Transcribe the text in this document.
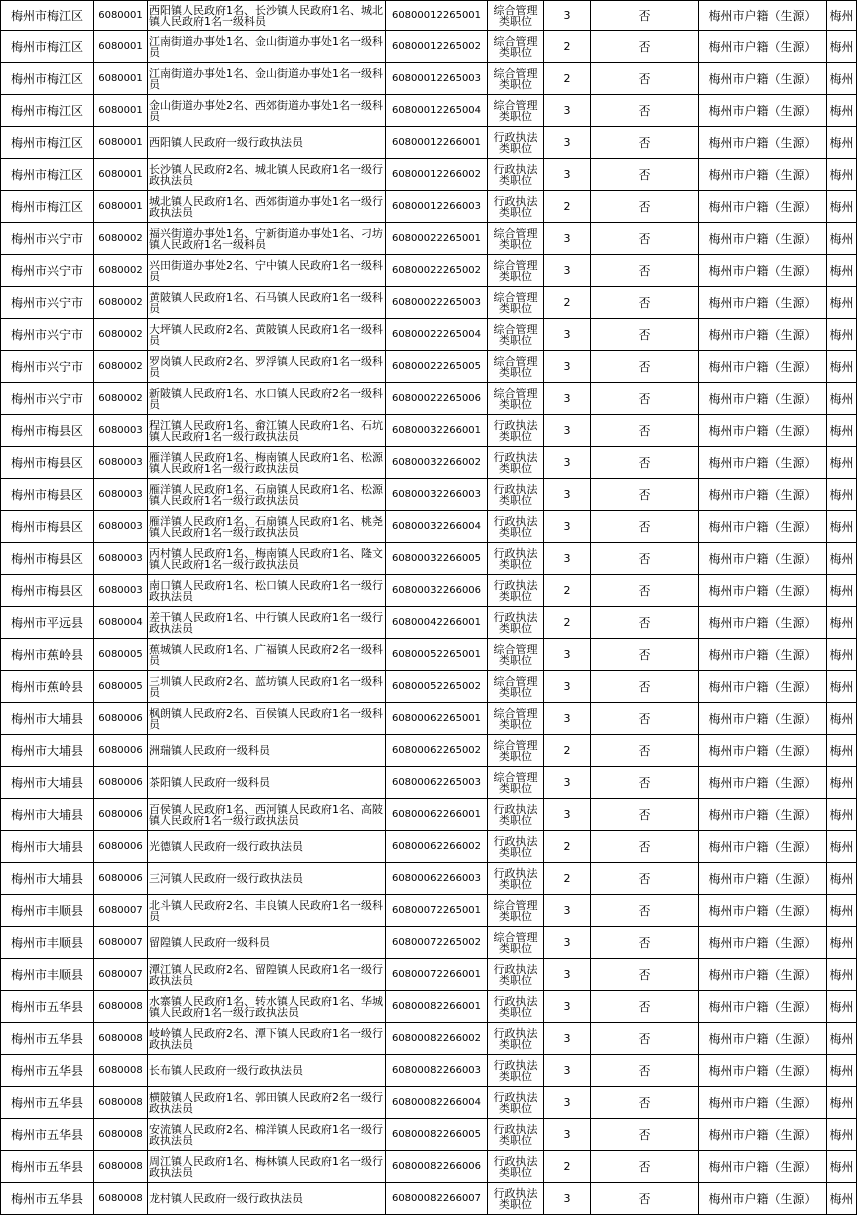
梅州市梅江区	6080001	西阳镇人民政府1名、长沙镇人民政府1名、城北镇人民政府1名一级科员	60800012265001	综合管理类职位	3	否	梅州市户籍（生源）	梅州
梅州市梅江区	6080001	江南街道办事处1名、金山街道办事处1名一级科员	60800012265002	综合管理类职位	2	否	梅州市户籍（生源）	梅州
梅州市梅江区	6080001	江南街道办事处1名、金山街道办事处1名一级科员	60800012265003	综合管理类职位	2	否	梅州市户籍（生源）	梅州
梅州市梅江区	6080001	金山街道办事处2名、西郊街道办事处1名一级科员	60800012265004	综合管理类职位	3	否	梅州市户籍（生源）	梅州
梅州市梅江区	6080001	西阳镇人民政府一级行政执法员	60800012266001	行政执法类职位	3	否	梅州市户籍（生源）	梅州
梅州市梅江区	6080001	长沙镇人民政府2名、城北镇人民政府1名一级行政执法员	60800012266002	行政执法类职位	3	否	梅州市户籍（生源）	梅州
梅州市梅江区	6080001	城北镇人民政府1名、西郊街道办事处1名一级行政执法员	60800012266003	行政执法类职位	2	否	梅州市户籍（生源）	梅州
梅州市兴宁市	6080002	福兴街道办事处1名、宁新街道办事处1名、刁坊镇人民政府1名一级科员	60800022265001	综合管理类职位	3	否	梅州市户籍（生源）	梅州
梅州市兴宁市	6080002	兴田街道办事处2名、宁中镇人民政府1名一级科员	60800022265002	综合管理类职位	3	否	梅州市户籍（生源）	梅州
梅州市兴宁市	6080002	黄陂镇人民政府1名、石马镇人民政府1名一级科员	60800022265003	综合管理类职位	2	否	梅州市户籍（生源）	梅州
梅州市兴宁市	6080002	大坪镇人民政府2名、黄陂镇人民政府1名一级科员	60800022265004	综合管理类职位	3	否	梅州市户籍（生源）	梅州
梅州市兴宁市	6080002	罗岗镇人民政府2名、罗浮镇人民政府1名一级科员	60800022265005	综合管理类职位	3	否	梅州市户籍（生源）	梅州
梅州市兴宁市	6080002	新陂镇人民政府1名、水口镇人民政府2名一级科员	60800022265006	综合管理类职位	3	否	梅州市户籍（生源）	梅州
梅州市梅县区	6080003	程江镇人民政府1名、畲江镇人民政府1名、石坑镇人民政府1名一级行政执法员	60800032266001	行政执法类职位	3	否	梅州市户籍（生源）	梅州
梅州市梅县区	6080003	雁洋镇人民政府1名、梅南镇人民政府1名、松源镇人民政府1名一级行政执法员	60800032266002	行政执法类职位	3	否	梅州市户籍（生源）	梅州
梅州市梅县区	6080003	雁洋镇人民政府1名、石扇镇人民政府1名、松源镇人民政府1名一级行政执法员	60800032266003	行政执法类职位	3	否	梅州市户籍（生源）	梅州
梅州市梅县区	6080003	雁洋镇人民政府1名、石扇镇人民政府1名、桃尧镇人民政府1名一级行政执法员	60800032266004	行政执法类职位	3	否	梅州市户籍（生源）	梅州
梅州市梅县区	6080003	丙村镇人民政府1名、梅南镇人民政府1名、隆文镇人民政府1名一级行政执法员	60800032266005	行政执法类职位	3	否	梅州市户籍（生源）	梅州
梅州市梅县区	6080003	南口镇人民政府1名、松口镇人民政府1名一级行政执法员	60800032266006	行政执法类职位	2	否	梅州市户籍（生源）	梅州
梅州市平远县	6080004	差干镇人民政府1名、中行镇人民政府1名一级行政执法员	60800042266001	行政执法类职位	2	否	梅州市户籍（生源）	梅州
梅州市蕉岭县	6080005	蕉城镇人民政府1名、广福镇人民政府2名一级科员	60800052265001	综合管理类职位	3	否	梅州市户籍（生源）	梅州
梅州市蕉岭县	6080005	三圳镇人民政府2名、蓝坊镇人民政府1名一级科员	60800052265002	综合管理类职位	3	否	梅州市户籍（生源）	梅州
梅州市大埔县	6080006	枫朗镇人民政府2名、百侯镇人民政府1名一级科员	60800062265001	综合管理类职位	3	否	梅州市户籍（生源）	梅州
梅州市大埔县	6080006	洲瑞镇人民政府一级科员	60800062265002	综合管理类职位	2	否	梅州市户籍（生源）	梅州
梅州市大埔县	6080006	茶阳镇人民政府一级科员	60800062265003	综合管理类职位	3	否	梅州市户籍（生源）	梅州
梅州市大埔县	6080006	百侯镇人民政府1名、西河镇人民政府1名、高陂镇人民政府1名一级行政执法员	60800062266001	行政执法类职位	3	否	梅州市户籍（生源）	梅州
梅州市大埔县	6080006	光德镇人民政府一级行政执法员	60800062266002	行政执法类职位	2	否	梅州市户籍（生源）	梅州
梅州市大埔县	6080006	三河镇人民政府一级行政执法员	60800062266003	行政执法类职位	2	否	梅州市户籍（生源）	梅州
梅州市丰顺县	6080007	北斗镇人民政府2名、丰良镇人民政府1名一级科员	60800072265001	综合管理类职位	3	否	梅州市户籍（生源）	梅州
梅州市丰顺县	6080007	留隍镇人民政府一级科员	60800072265002	综合管理类职位	3	否	梅州市户籍（生源）	梅州
梅州市丰顺县	6080007	潭江镇人民政府2名、留隍镇人民政府1名一级行政执法员	60800072266001	行政执法类职位	3	否	梅州市户籍（生源）	梅州
梅州市五华县	6080008	水寨镇人民政府1名、转水镇人民政府1名、华城镇人民政府1名一级行政执法员	60800082266001	行政执法类职位	3	否	梅州市户籍（生源）	梅州
梅州市五华县	6080008	岐岭镇人民政府2名、潭下镇人民政府1名一级行政执法员	60800082266002	行政执法类职位	3	否	梅州市户籍（生源）	梅州
梅州市五华县	6080008	长布镇人民政府一级行政执法员	60800082266003	行政执法类职位	3	否	梅州市户籍（生源）	梅州
梅州市五华县	6080008	横陂镇人民政府1名、郭田镇人民政府2名一级行政执法员	60800082266004	行政执法类职位	3	否	梅州市户籍（生源）	梅州
梅州市五华县	6080008	安流镇人民政府2名、棉洋镇人民政府1名一级行政执法员	60800082266005	行政执法类职位	3	否	梅州市户籍（生源）	梅州
梅州市五华县	6080008	周江镇人民政府1名、梅林镇人民政府1名一级行政执法员	60800082266006	行政执法类职位	2	否	梅州市户籍（生源）	梅州
梅州市五华县	6080008	龙村镇人民政府一级行政执法员	60800082266007	行政执法类职位	3	否	梅州市户籍（生源）	梅州
